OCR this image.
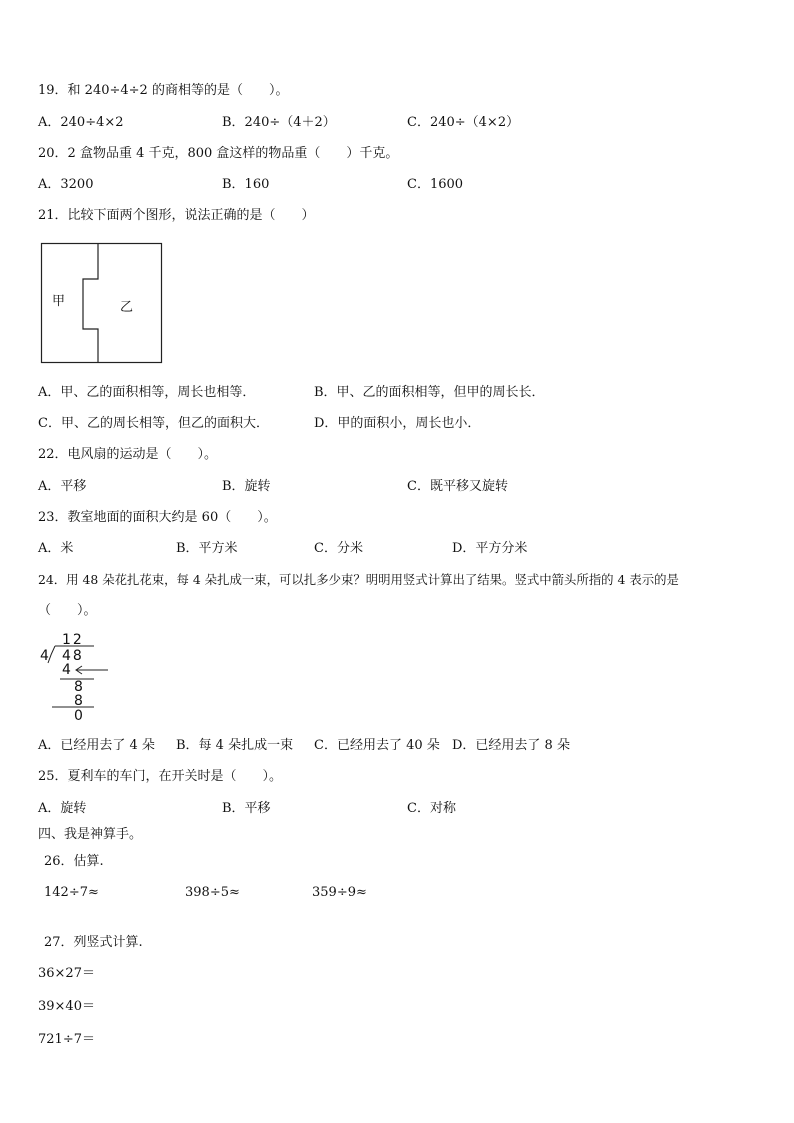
19．和 240÷4÷2 的商相等的是（　　）。
A．240÷4×2	B．240÷（4＋2）	C．240÷（4×2）
20．2 盒物品重 4 千克，800 盒这样的物品重（　　）千克。
A．3200	B．160	C．1600
21．比较下面两个图形，说法正确的是（　　）
甲	乙
A．甲、乙的面积相等，周长也相等．	B．甲、乙的面积相等，但甲的周长长．
C．甲、乙的周长相等，但乙的面积大．	D．甲的面积小，周长也小．
22．电风扇的运动是（　　）。
A．平移	B．旋转	C．既平移又旋转
23．教室地面的面积大约是 60（　　）。
A．米	B．平方米	C．分米	D．平方分米
24．用 48 朵花扎花束，每 4 朵扎成一束，可以扎多少束？明明用竖式计算出了结果。竖式中箭头所指的 4 表示的是
（　　）。
12
4 48
4
8
8
0
A．已经用去了 4 朵 B．每 4 朵扎成一束 C．已经用去了 40 朵 D．已经用去了 8 朵
25．夏利车的车门，在开关时是（　　）。
A．旋转	B．平移	C．对称
四、我是神算手。
26．估算.
142÷7≈	398÷5≈	359÷9≈
27．列竖式计算.
36×27＝
39×40＝
721÷7＝
